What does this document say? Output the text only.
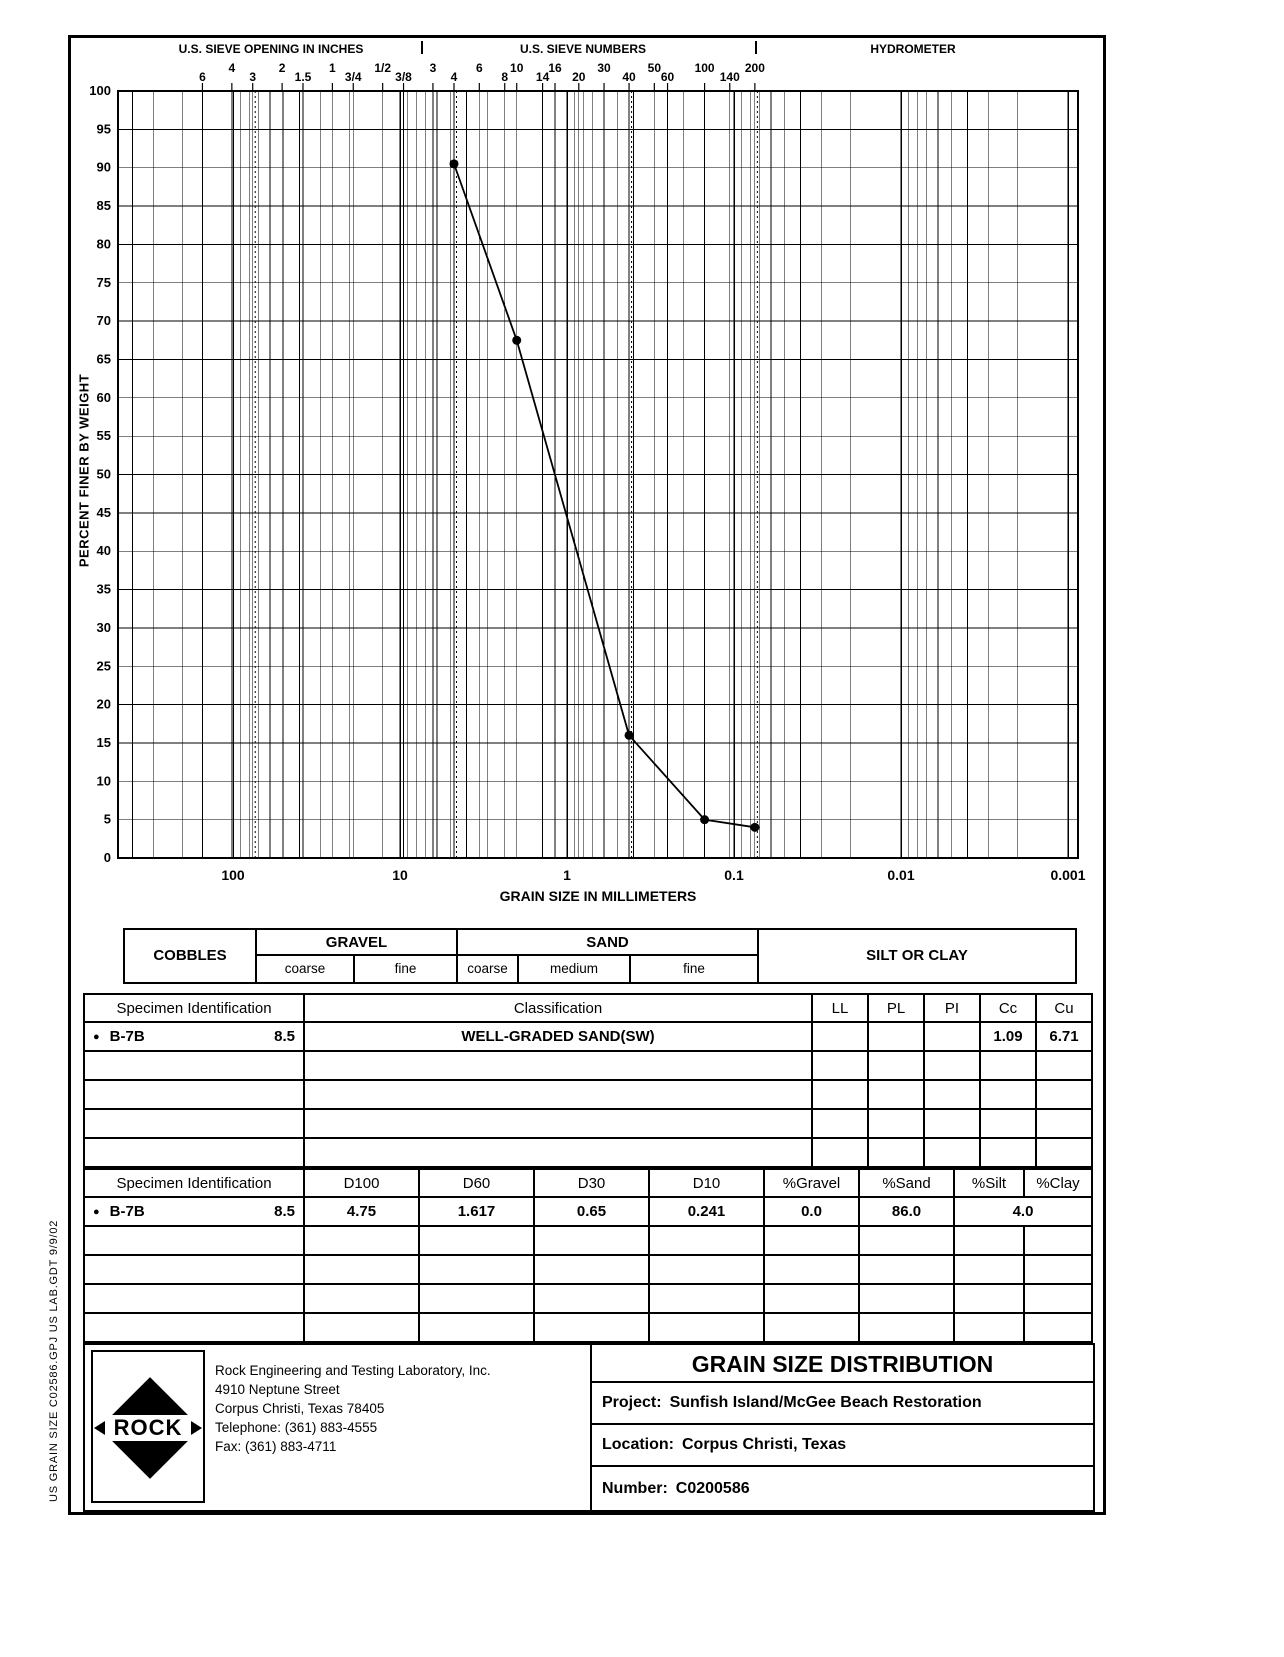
U.S. SIEVE OPENING IN INCHES	U.S. SIEVE NUMBERS	HYDROMETER
6
4
3
2
1.5
1
3/4
1/2
3/8
3
4
6
8
10
14
16
20
30
40
50
60
100
140
200
0
5
10
15
20
25
30
35
40
45
50
55
60
65
70
75
80
85
90
95
100
100	10	1	0.1	0.01	0.001
PERCENT FINER BY WEIGHT
GRAIN SIZE IN MILLIMETERS
COBBLES
GRAVEL
coarse	fine
SAND
coarse	medium	fine
SILT OR CLAY
Specimen Identification	Classification	LL	PL	PI	Cc	Cu

● B-7B 8.5	WELL-GRADED SAND(SW)				1.09	6.71

Specimen Identification	D100	D60	D30	D10	%Gravel	%Sand	%Silt	%Clay

● B-7B 8.5	4.75	1.617	0.65	0.241	0.0	86.0	4.0	

ROCK
Rock Engineering and Testing Laboratory, Inc.
4910 Neptune Street
Corpus Christi, Texas 78405
Telephone: (361) 883-4555
Fax: (361) 883-4711
GRAIN SIZE DISTRIBUTION
Project: Sunfish Island/McGee Beach Restoration
Location: Corpus Christi, Texas
Number: C0200586
US GRAIN SIZE C02586.GPJ US LAB.GDT 9/9/02
